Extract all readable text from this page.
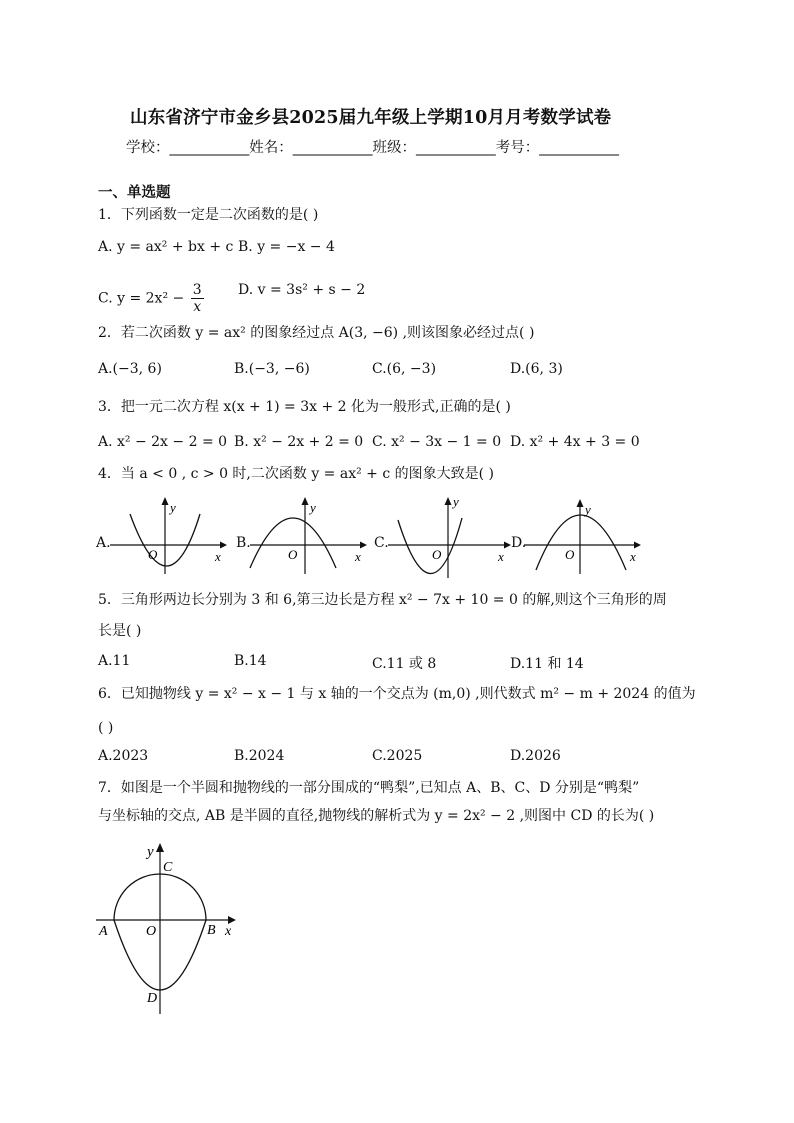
山东省济宁市金乡县2025届九年级上学期10月月考数学试卷
学校：___________姓名：___________班级：___________考号：___________
一、单选题
1．下列函数一定是二次函数的是( )
A. y = ax² + bx + c B. y = −x − 4
C. $y = 2x^2 - \frac{3}{x} D$. v = 3s² + s − 2
2．若二次函数 y = ax² 的图象经过点 A(3, −6) ,则该图象必经过点( )
A.(−3, 6)	B.(−3, −6)	C.(6, −3)	D.(6, 3)
3．把一元二次方程 x(x + 1) = 3x + 2 化为一般形式,正确的是( )
A. x² − 2x − 2 = 0 B. x² − 2x + 2 = 0 C. x² − 3x − 1 = 0 D. x² + 4x + 3 = 0
4．当 a < 0 , c > 0 时,二次函数 y = ax² + c 的图象大致是( )
A.	B.	C.	D.
y
x
O
y
x
O
y
x
O
y
x
O
5．三角形两边长分别为 3 和 6,第三边长是方程 x² − 7x + 10 = 0 的解,则这个三角形的周
长是( )
A.11	B.14	C.11 或 8	D.11 和 14
6．已知抛物线 y = x² − x − 1 与 x 轴的一个交点为 (m,0) ,则代数式 m² − m + 2024 的值为
( )
A.2023	B.2024	C.2025	D.2026
7．如图是一个半圆和抛物线的一部分围成的“鸭梨”,已知点 A、B、C、D 分别是“鸭梨”
与坐标轴的交点, AB 是半圆的直径,抛物线的解析式为 y = 2x² − 2 ,则图中 CD 的长为( )
y
C
A	O	B x
D
